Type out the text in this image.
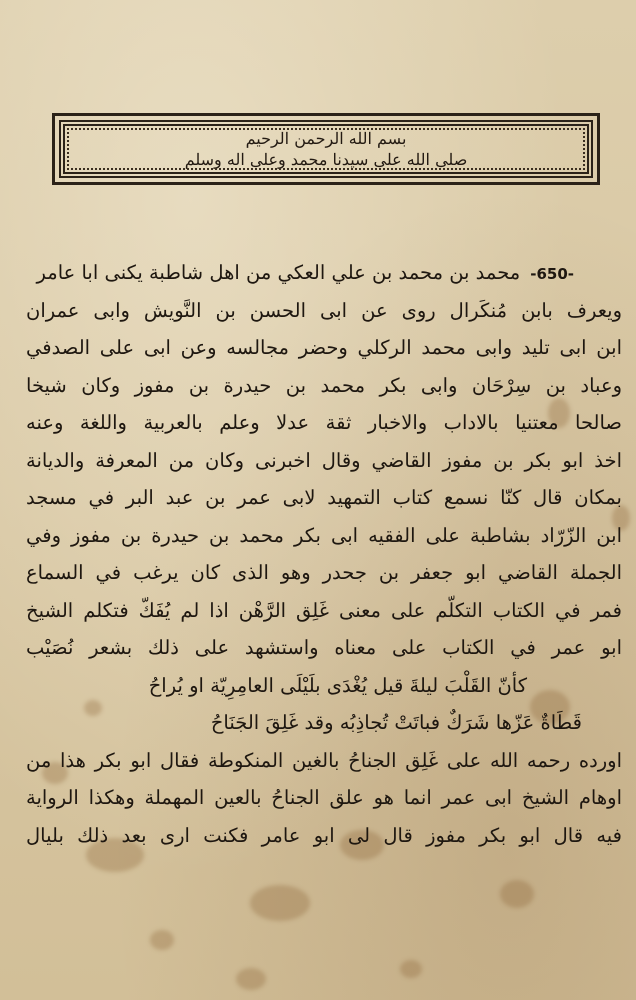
بسم الله الرحمن الرحيم
صلى الله على سيدنا محمد وعلى اله وسلم
-650-محمد بن محمد بن علي العكي من اهل شاطبة يكنى ابا عامر
ويعرف بابن مُنكَرال روى عن ابى الحسن بن النَّويش وابى عمران
ابن ابى تليد وابى محمد الركلي وحضر مجالسه وعن ابى على الصدفي
وعباد بن سِرْحَان وابى بكر محمد بن حيدرة بن مفوز وكان شيخا
صالحا معتنيا بالاداب والاخبار ثقة عدلا وعلم بالعربية واللغة وعنه
اخذ ابو بكر بن مفوز القاضي وقال اخبرنى وكان من المعرفة والديانة
بمكان قال كنّا نسمع كتاب التمهيد لابى عمر بن عبد البر في مسجد
ابن الزّرّاد بشاطبة على الفقيه ابى بكر محمد بن حيدرة بن مفوز وفي
الجملة القاضي ابو جعفر بن جحدر وهو الذى كان يرغب في السماع
فمر في الكتاب التكلّم على معنى غَلِق الرَّهْن اذا لم يُفَكّ فتكلم الشيخ
ابو عمر في الكتاب على معناه واستشهد على ذلك بشعر نُصَيْب
كأنّ القَلْبَ ليلةَ قيل يُغْدَى بلَيْلَى العامِرِيّة او يُراحُ
قَطَاةٌ عَزّها شَرَكٌ فباتَتْ تُجاذِبُه وقد غَلِقَ الجَنَاحُ
اورده رحمه الله على غَلِق الجناحُ بالغين المنكوطة فقال ابو بكر هذا من
اوهام الشيخ ابى عمر انما هو علق الجناحُ بالعين المهملة وهكذا الرواية
فيه قال ابو بكر مفوز قال لى ابو عامر فكنت ارى بعد ذلك بليال
